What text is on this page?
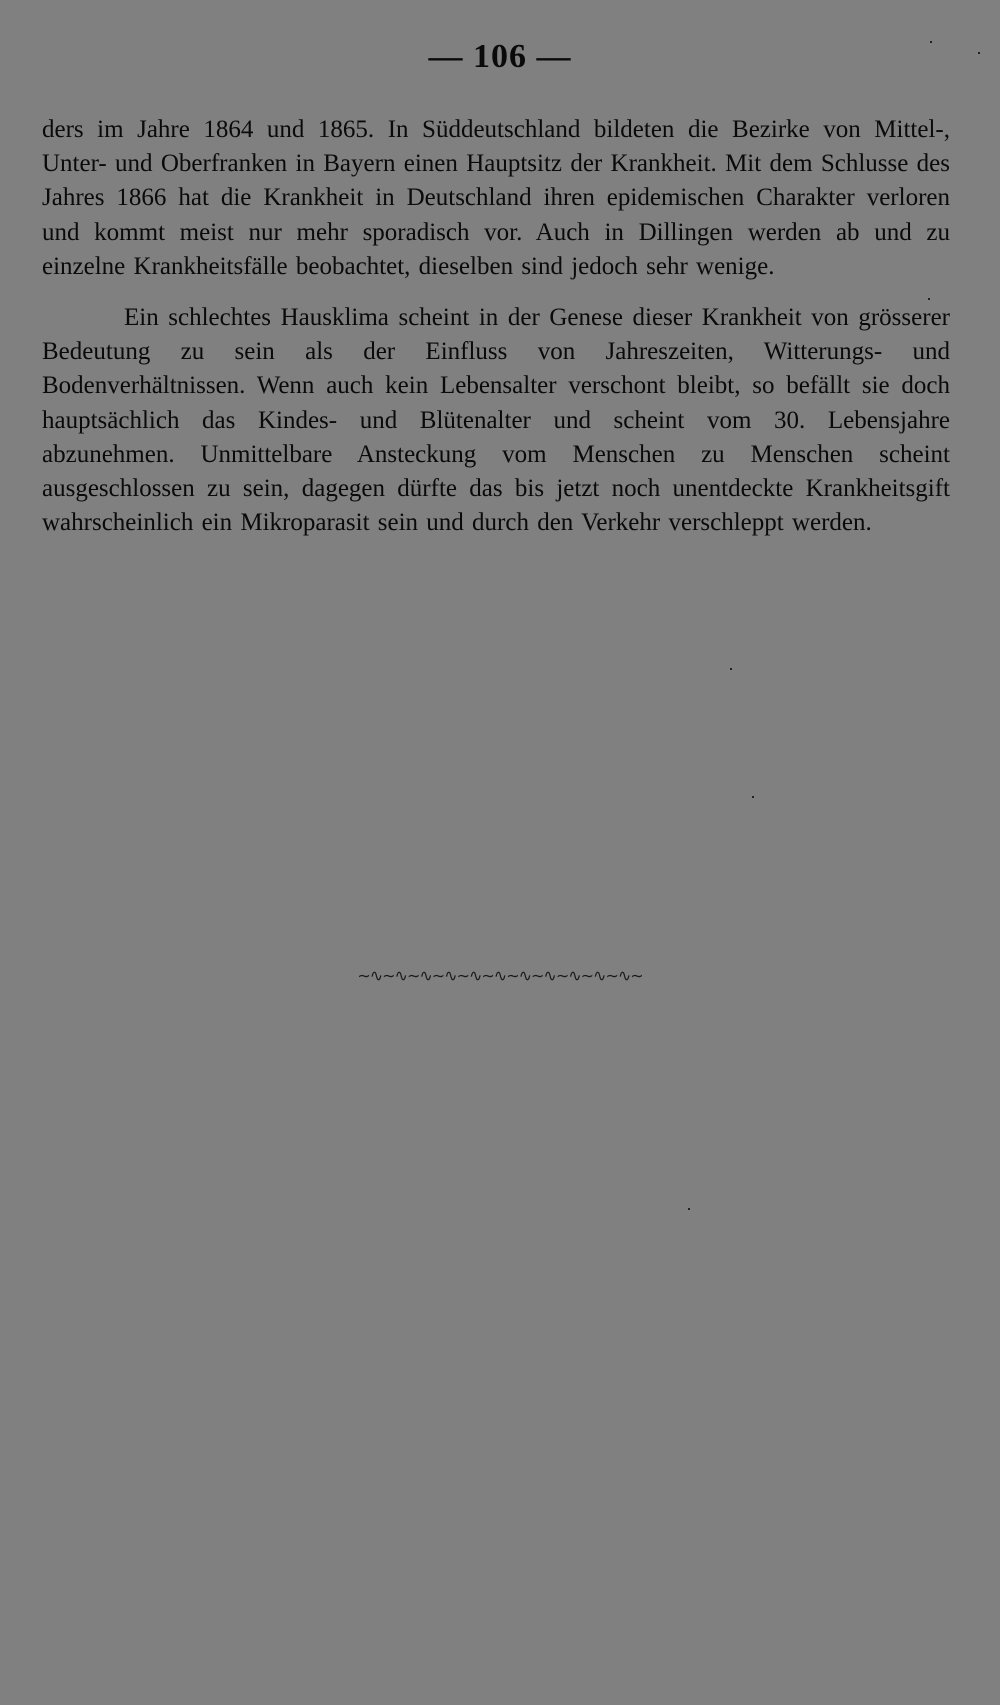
— 106 —

ders im Jahre 1864 und 1865. In Süddeutschland bildeten die Bezirke von Mittel-, Unter- und Oberfranken in Bayern einen Hauptsitz der Krankheit. Mit dem Schlusse des Jahres 1866 hat die Krankheit in Deutschland ihren epidemischen Charakter verloren und kommt meist nur mehr sporadisch vor. Auch in Dillingen werden ab und zu einzelne Krankheitsfälle beobachtet, dieselben sind jedoch sehr wenige.

Ein schlechtes Hausklima scheint in der Genese dieser Krankheit von grösserer Bedeutung zu sein als der Einfluss von Jahreszeiten, Witterungs- und Bodenverhältnissen. Wenn auch kein Lebensalter verschont bleibt, so befällt sie doch hauptsächlich das Kindes- und Blütenalter und scheint vom 30. Lebensjahre abzunehmen. Unmittelbare Ansteckung vom Menschen zu Menschen scheint ausgeschlossen zu sein, dagegen dürfte das bis jetzt noch unentdeckte Krankheitsgift wahrscheinlich ein Mikroparasit sein und durch den Verkehr verschleppt werden.

∼∿∼∿∼∿∼∿∼∿∼∿∼∿∼∿∼∿∼∿∼∿∼
